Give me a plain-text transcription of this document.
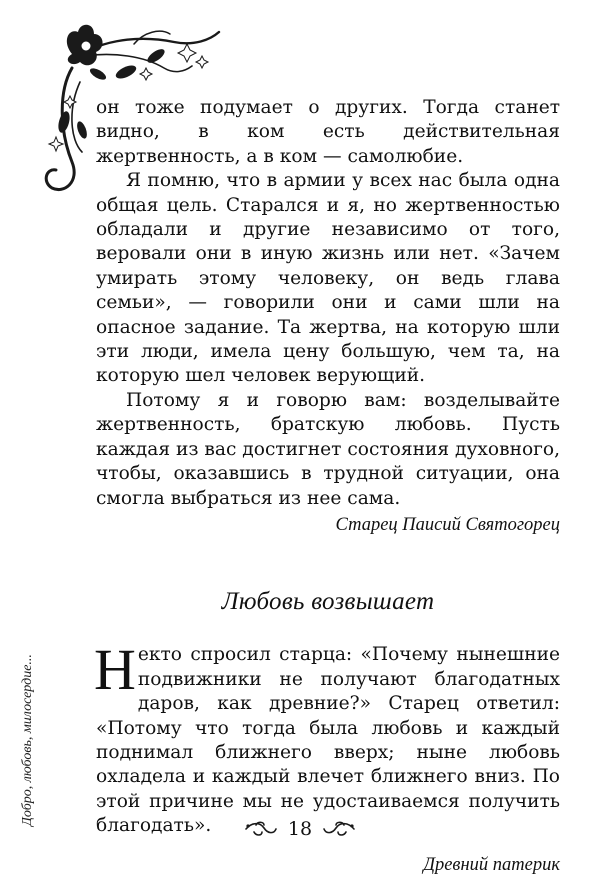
он тоже подумает о других. Тогда станет видно, в ком есть действительная жертвенность, а в ком — самолюбие.

Я помню, что в армии у всех нас была одна общая цель. Старался и я, но жертвенностью обладали и другие независимо от того, веровали они в иную жизнь или нет. «Зачем умирать этому человеку, он ведь глава семьи», — говорили они и сами шли на опасное задание. Та жертва, на которую шли эти люди, имела цену большую, чем та, на которую шел человек верующий.

Потому я и говорю вам: возделывайте жертвенность, братскую любовь. Пусть каждая из вас достигнет состояния духовного, чтобы, оказавшись в трудной ситуации, она смогла выбраться из нее сама.

Старец Паисий Святогорец

Любовь возвышает

Некто спросил старца: «Почему нынешние подвижники не получают благодатных даров, как древние?» Старец ответил: «Потому что тогда была любовь и каждый поднимал ближнего вверх; ныне любовь охладела и каждый влечет ближнего вниз. По этой причине мы не удостаиваемся получить благодать».

Древний патерик

Добро, любовь, милосердие...
18
